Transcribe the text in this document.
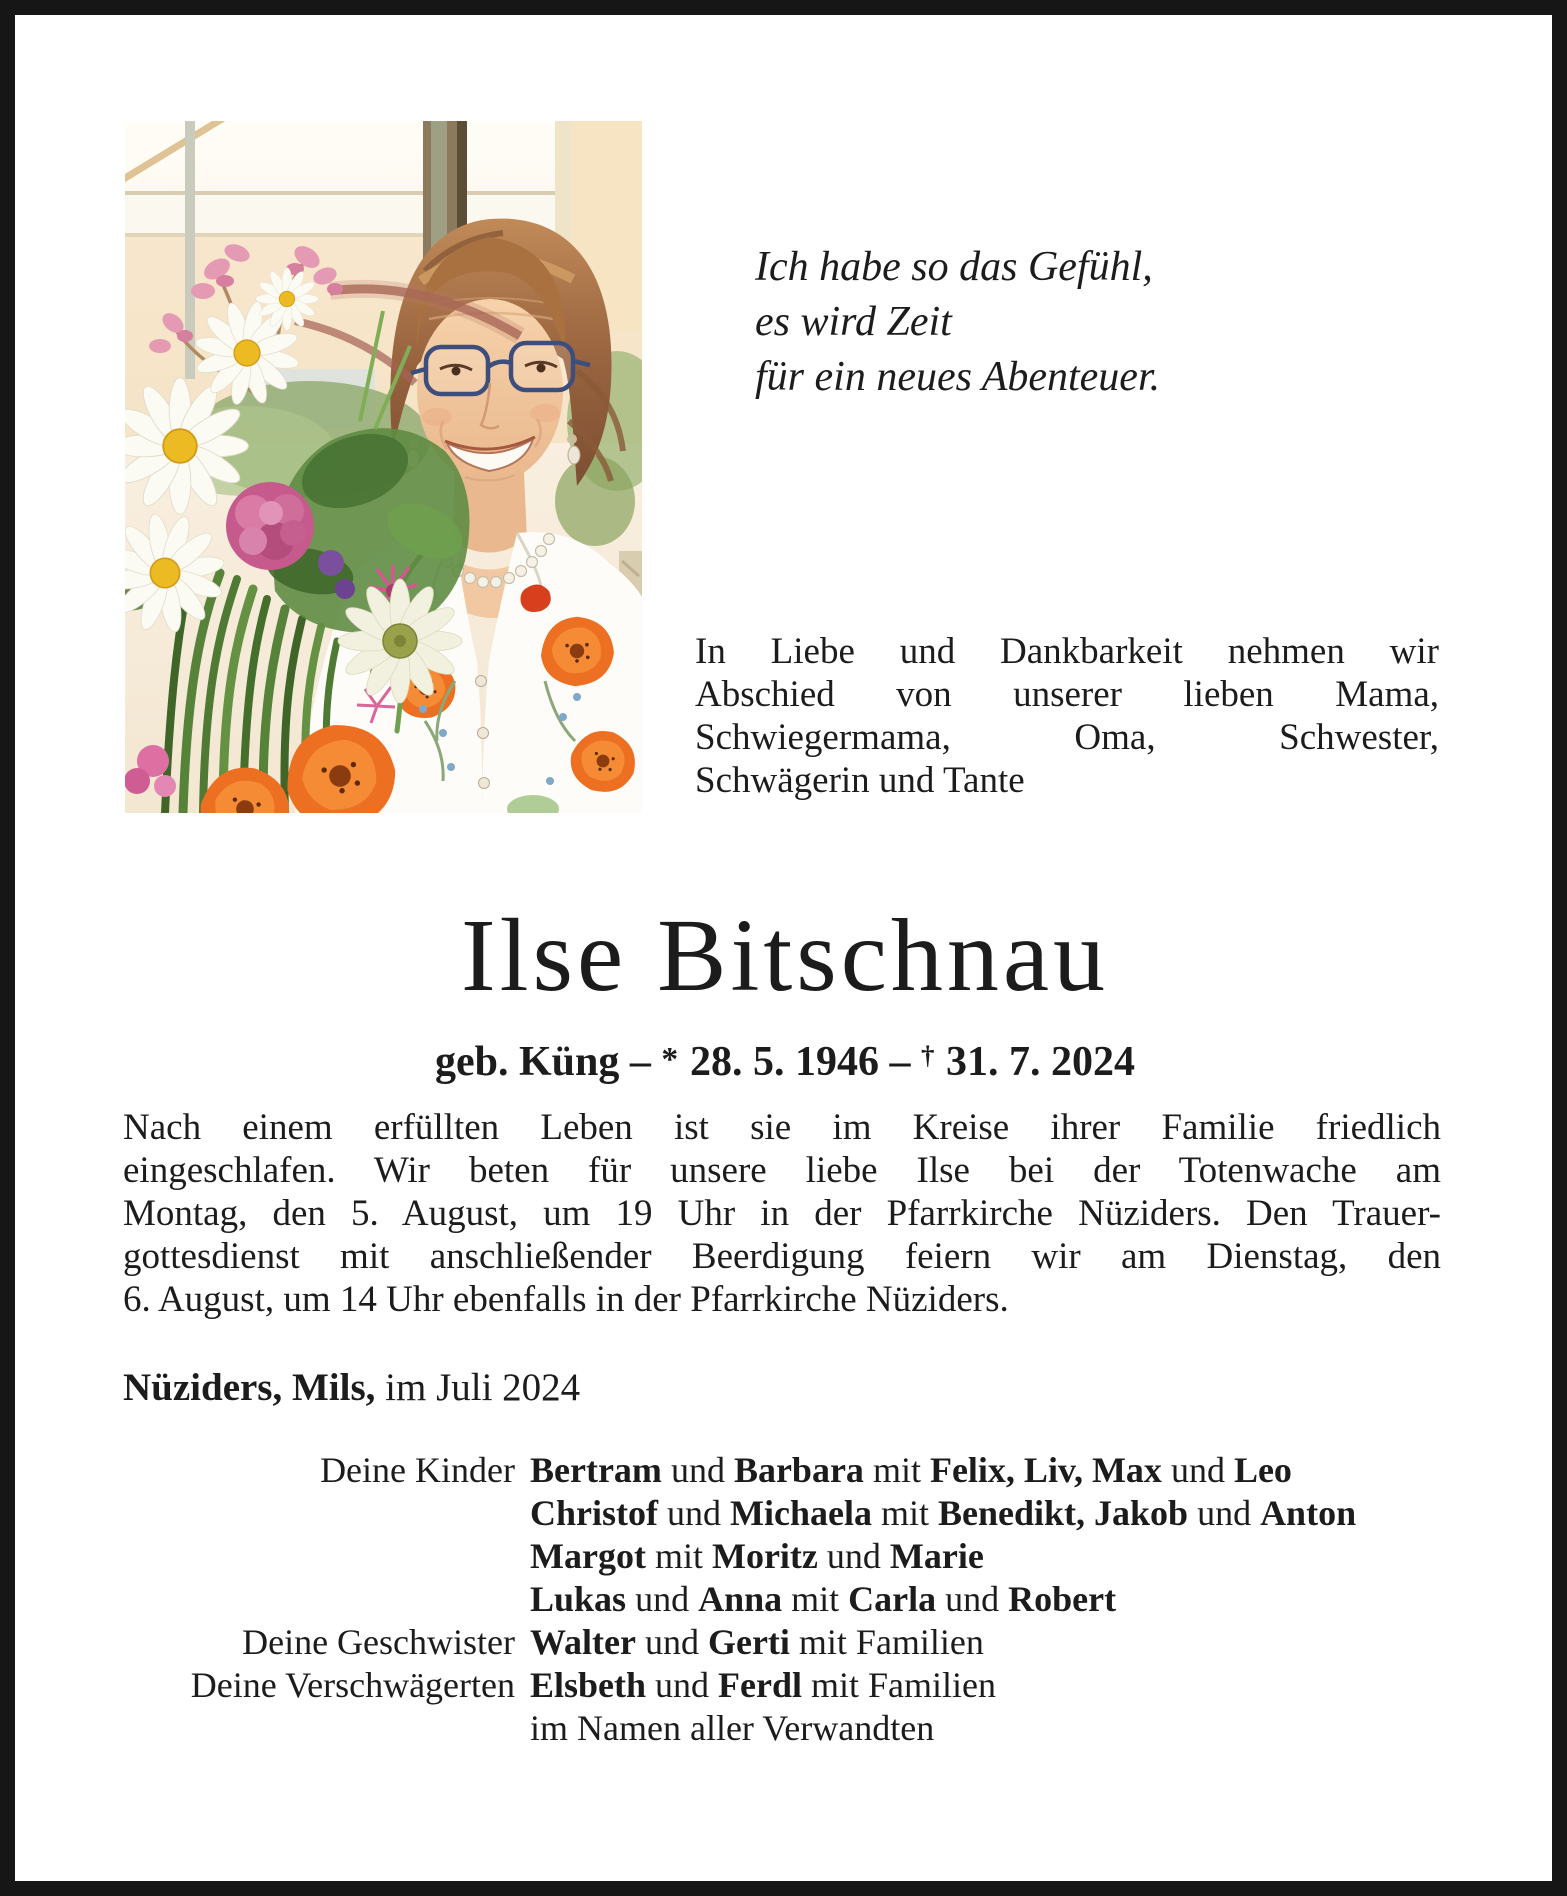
Ich habe so das Gefühl,
es wird Zeit
für ein neues Abenteuer.
In Liebe und Dankbarkeit nehmen wir
Abschied von unserer lieben Mama,
Schwiegermama, Oma, Schwester,
Schwägerin und Tante
Ilse Bitschnau
geb. Küng – * 28. 5. 1946 – † 31. 7. 2024
Nach einem erfüllten Leben ist sie im Kreise ihrer Familie friedlich
eingeschlafen. Wir beten für unsere liebe Ilse bei der Totenwache am
Montag, den 5. August, um 19 Uhr in der Pfarrkirche Nüziders. Den Trauer-
gottesdienst mit anschließender Beerdigung feiern wir am Dienstag, den
6. August, um 14 Uhr ebenfalls in der Pfarrkirche Nüziders.
Nüziders, Mils, im Juli 2024
Deine Kinder Bertram und Barbara mit Felix, Liv, Max und Leo
Christof und Michaela mit Benedikt, Jakob und Anton
Margot mit Moritz und Marie
Lukas und Anna mit Carla und Robert
Deine Geschwister Walter und Gerti mit Familien
Deine Verschwägerten Elsbeth und Ferdl mit Familien
im Namen aller Verwandten
